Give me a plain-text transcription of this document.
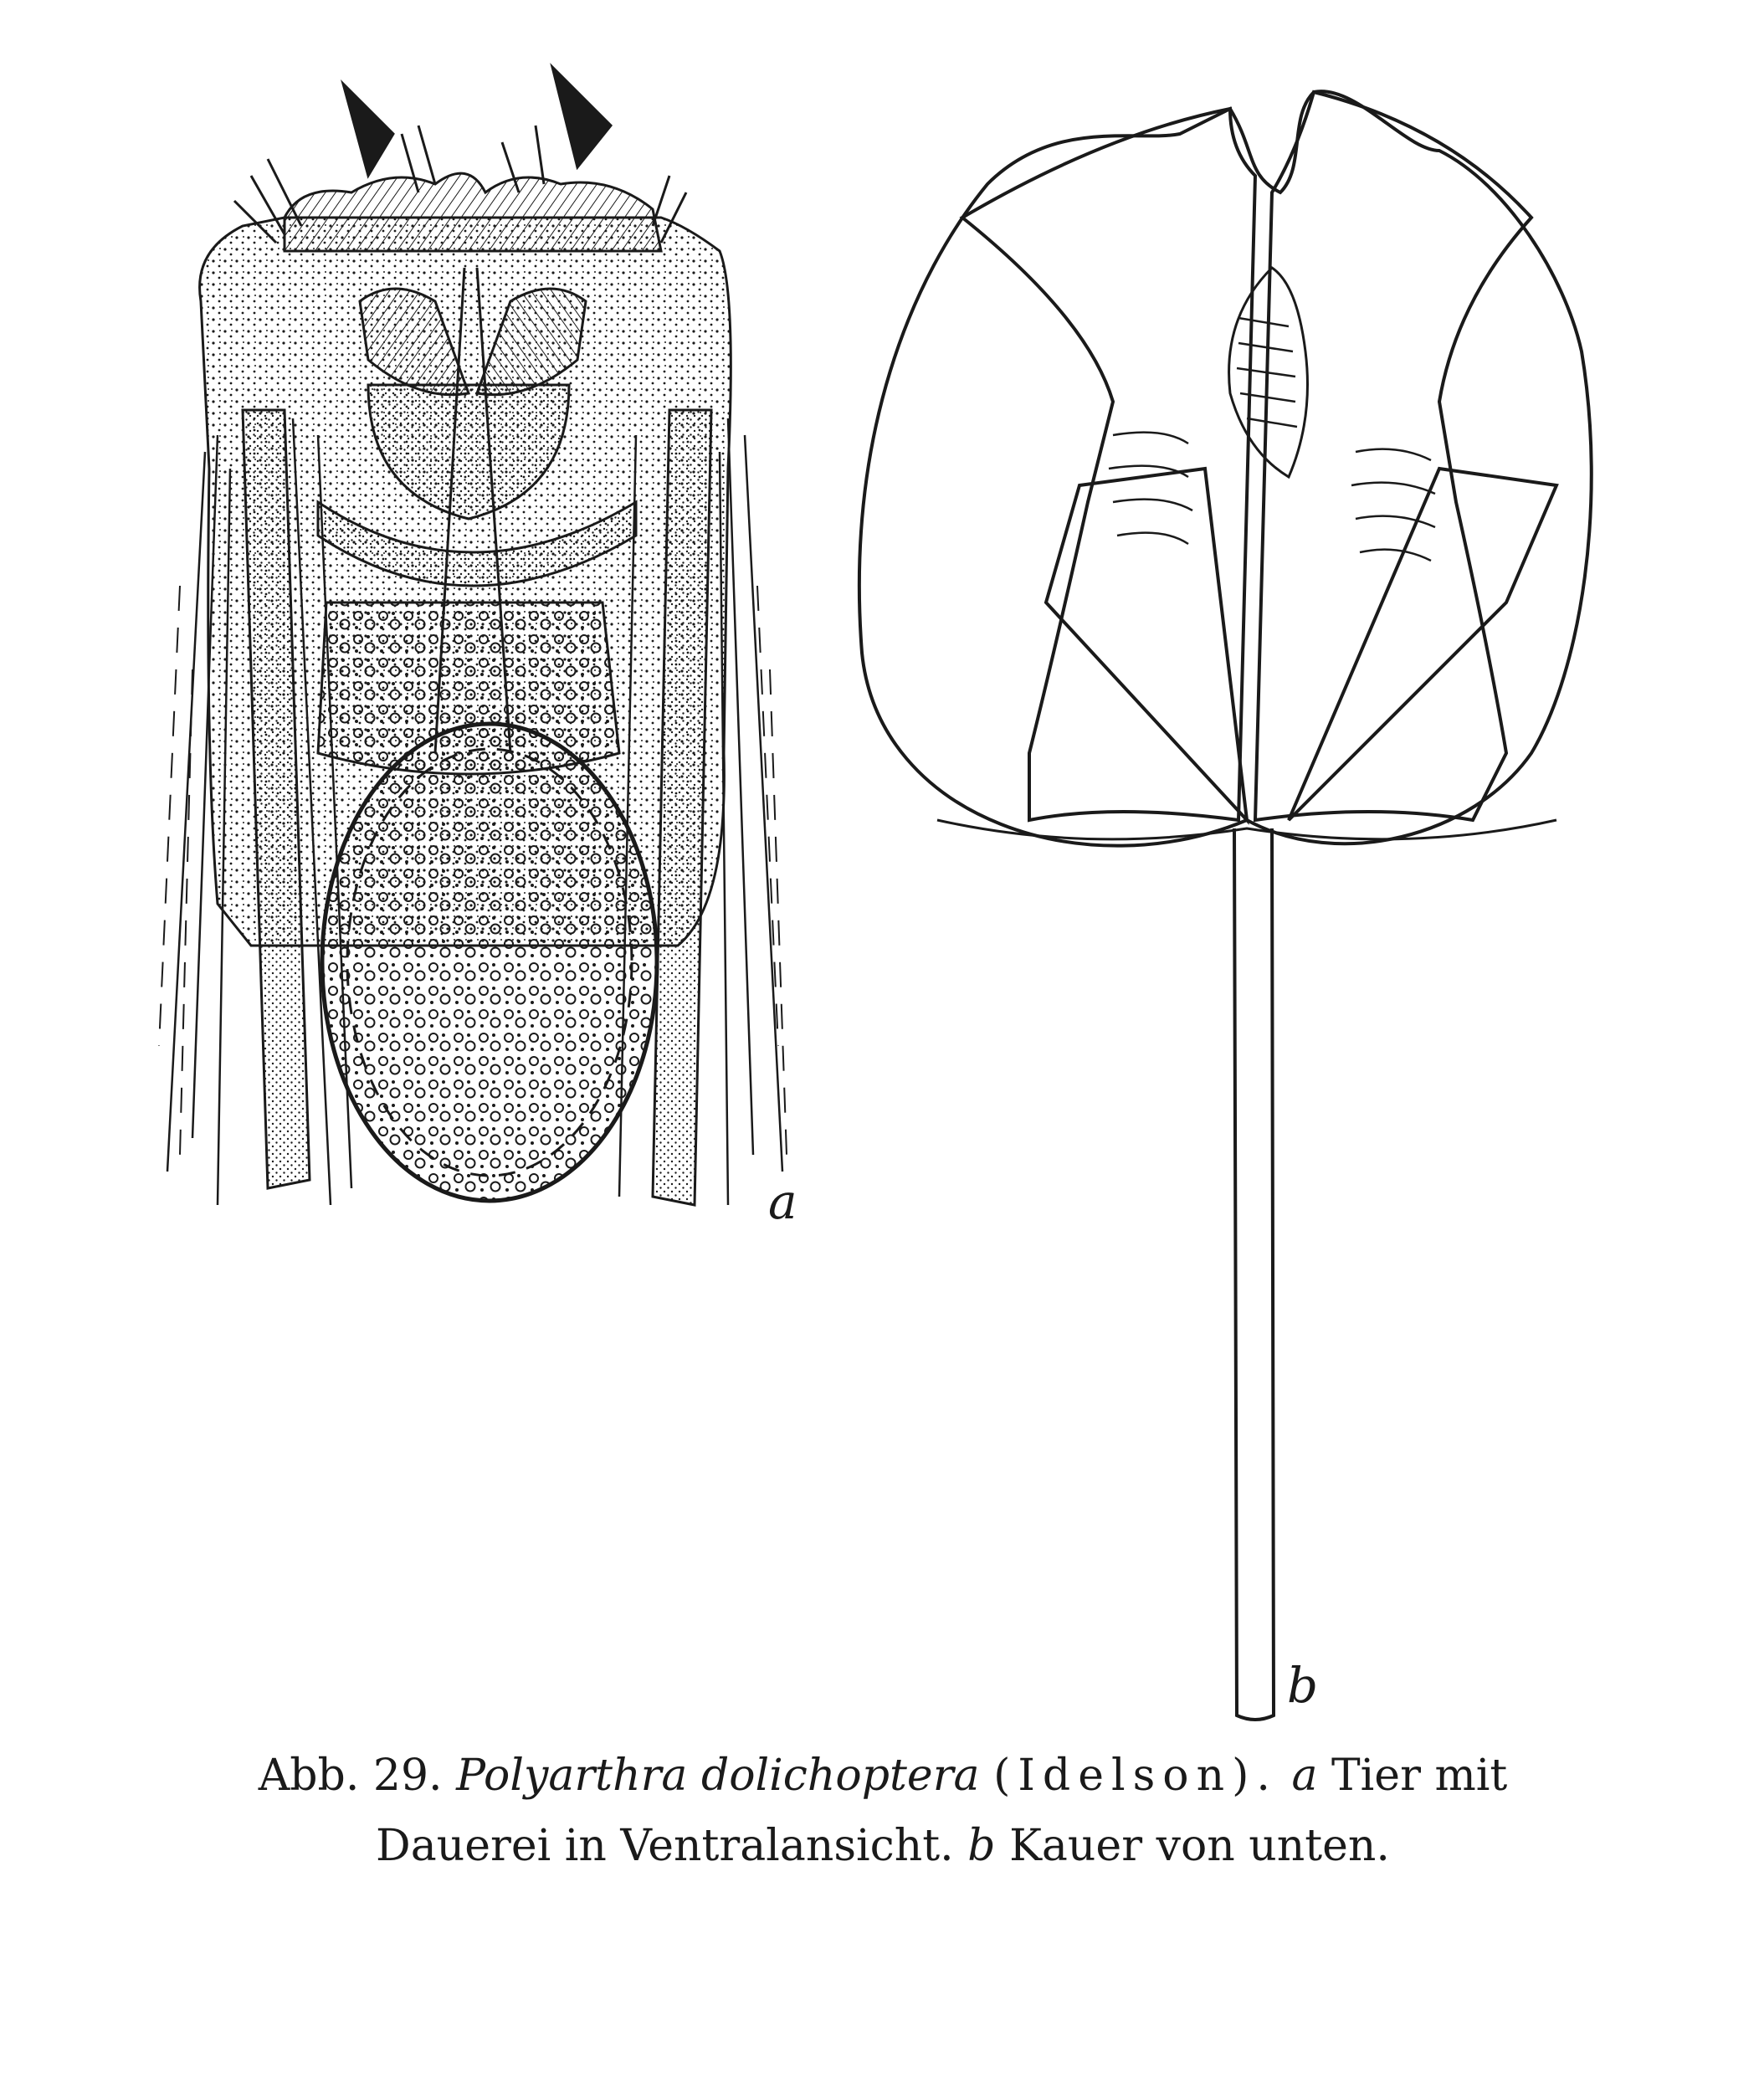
a
b
Abb. 29. Polyarthra dolichoptera (Idelson). a Tier mit
Dauerei in Ventralansicht. b Kauer von unten.
